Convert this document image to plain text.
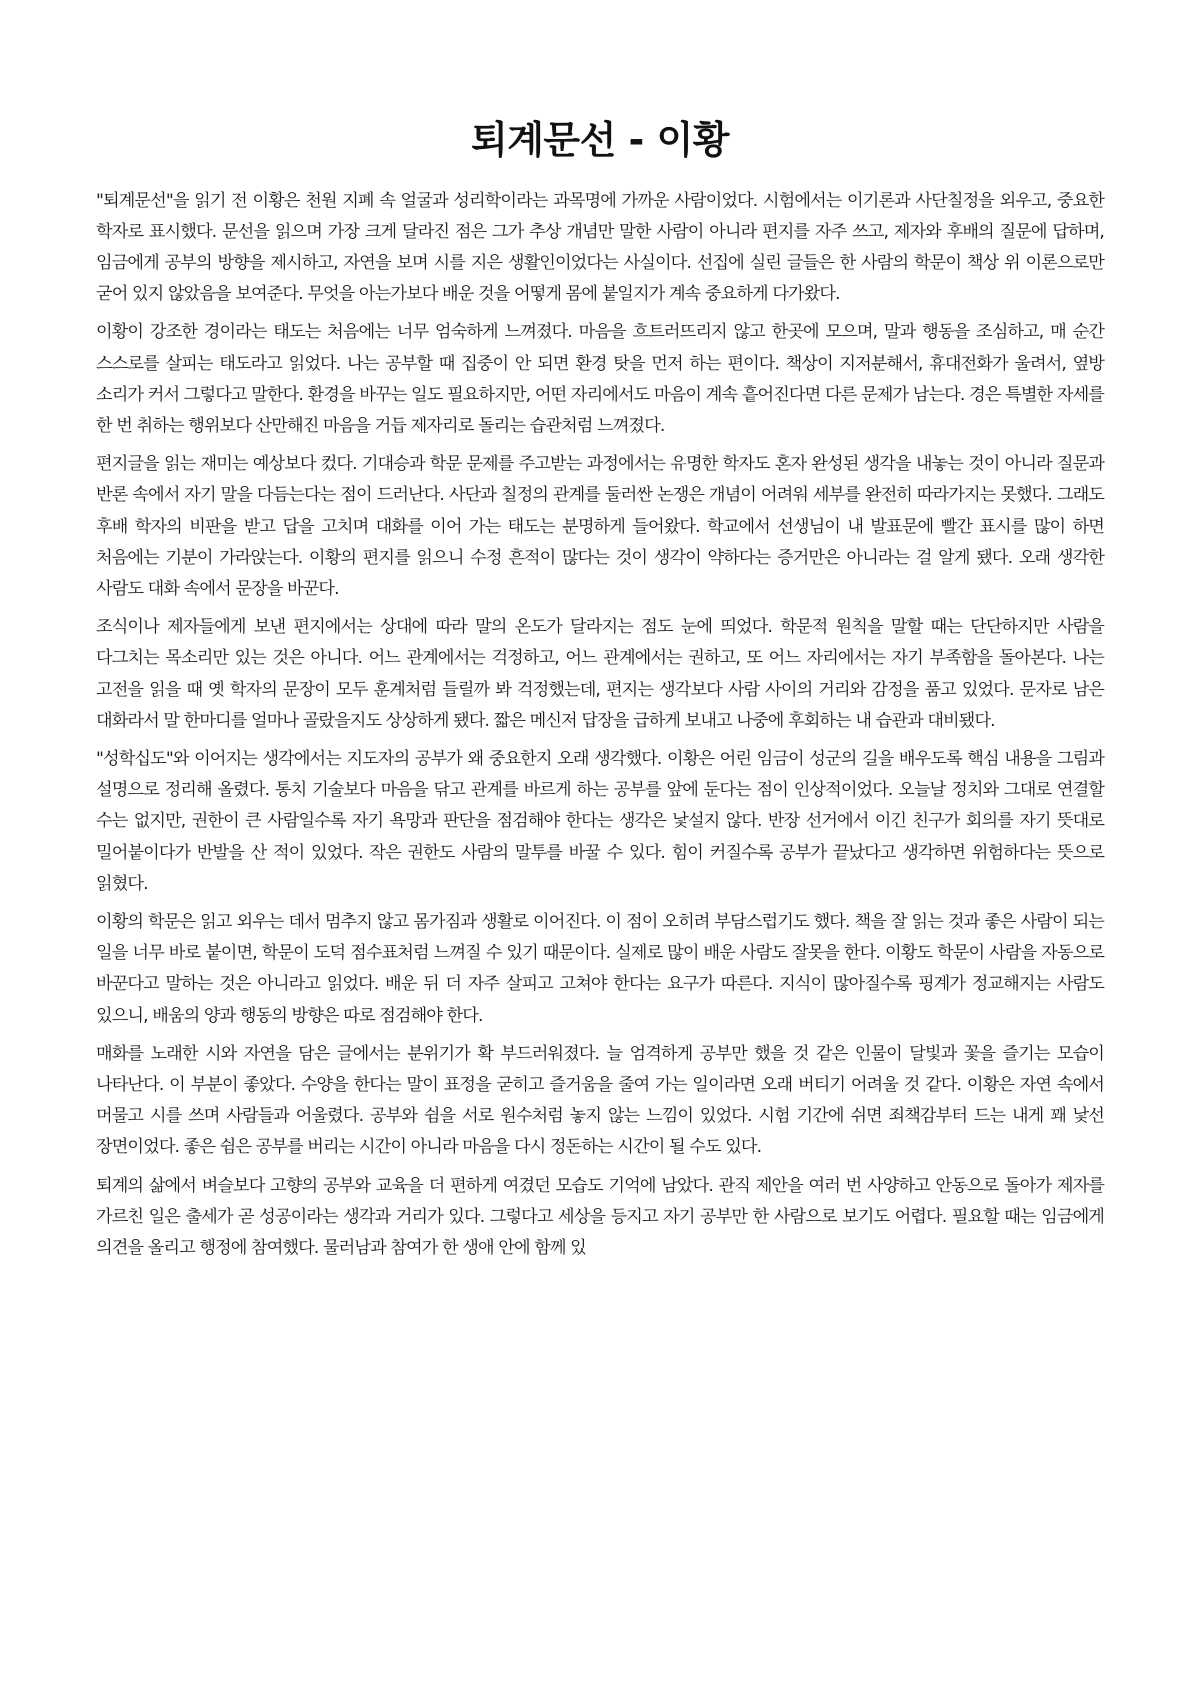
퇴계문선 - 이황

"퇴계문선"을 읽기 전 이황은 천원 지폐 속 얼굴과 성리학이라는 과목명에 가까운 사람이었다. 시험에서는 이기론과 사단칠정을 외우고, 중요한 학자로 표시했다. 문선을 읽으며 가장 크게 달라진 점은 그가 추상 개념만 말한 사람이 아니라 편지를 자주 쓰고, 제자와 후배의 질문에 답하며, 임금에게 공부의 방향을 제시하고, 자연을 보며 시를 지은 생활인이었다는 사실이다. 선집에 실린 글들은 한 사람의 학문이 책상 위 이론으로만 굳어 있지 않았음을 보여준다. 무엇을 아는가보다 배운 것을 어떻게 몸에 붙일지가 계속 중요하게 다가왔다.

이황이 강조한 경이라는 태도는 처음에는 너무 엄숙하게 느껴졌다. 마음을 흐트러뜨리지 않고 한곳에 모으며, 말과 행동을 조심하고, 매 순간 스스로를 살피는 태도라고 읽었다. 나는 공부할 때 집중이 안 되면 환경 탓을 먼저 하는 편이다. 책상이 지저분해서, 휴대전화가 울려서, 옆방 소리가 커서 그렇다고 말한다. 환경을 바꾸는 일도 필요하지만, 어떤 자리에서도 마음이 계속 흩어진다면 다른 문제가 남는다. 경은 특별한 자세를 한 번 취하는 행위보다 산만해진 마음을 거듭 제자리로 돌리는 습관처럼 느껴졌다.

편지글을 읽는 재미는 예상보다 컸다. 기대승과 학문 문제를 주고받는 과정에서는 유명한 학자도 혼자 완성된 생각을 내놓는 것이 아니라 질문과 반론 속에서 자기 말을 다듬는다는 점이 드러난다. 사단과 칠정의 관계를 둘러싼 논쟁은 개념이 어려워 세부를 완전히 따라가지는 못했다. 그래도 후배 학자의 비판을 받고 답을 고치며 대화를 이어 가는 태도는 분명하게 들어왔다. 학교에서 선생님이 내 발표문에 빨간 표시를 많이 하면 처음에는 기분이 가라앉는다. 이황의 편지를 읽으니 수정 흔적이 많다는 것이 생각이 약하다는 증거만은 아니라는 걸 알게 됐다. 오래 생각한 사람도 대화 속에서 문장을 바꾼다.

조식이나 제자들에게 보낸 편지에서는 상대에 따라 말의 온도가 달라지는 점도 눈에 띄었다. 학문적 원칙을 말할 때는 단단하지만 사람을 다그치는 목소리만 있는 것은 아니다. 어느 관계에서는 걱정하고, 어느 관계에서는 권하고, 또 어느 자리에서는 자기 부족함을 돌아본다. 나는 고전을 읽을 때 옛 학자의 문장이 모두 훈계처럼 들릴까 봐 걱정했는데, 편지는 생각보다 사람 사이의 거리와 감정을 품고 있었다. 문자로 남은 대화라서 말 한마디를 얼마나 골랐을지도 상상하게 됐다. 짧은 메신저 답장을 급하게 보내고 나중에 후회하는 내 습관과 대비됐다.

"성학십도"와 이어지는 생각에서는 지도자의 공부가 왜 중요한지 오래 생각했다. 이황은 어린 임금이 성군의 길을 배우도록 핵심 내용을 그림과 설명으로 정리해 올렸다. 통치 기술보다 마음을 닦고 관계를 바르게 하는 공부를 앞에 둔다는 점이 인상적이었다. 오늘날 정치와 그대로 연결할 수는 없지만, 권한이 큰 사람일수록 자기 욕망과 판단을 점검해야 한다는 생각은 낯설지 않다. 반장 선거에서 이긴 친구가 회의를 자기 뜻대로 밀어붙이다가 반발을 산 적이 있었다. 작은 권한도 사람의 말투를 바꿀 수 있다. 힘이 커질수록 공부가 끝났다고 생각하면 위험하다는 뜻으로 읽혔다.

이황의 학문은 읽고 외우는 데서 멈추지 않고 몸가짐과 생활로 이어진다. 이 점이 오히려 부담스럽기도 했다. 책을 잘 읽는 것과 좋은 사람이 되는 일을 너무 바로 붙이면, 학문이 도덕 점수표처럼 느껴질 수 있기 때문이다. 실제로 많이 배운 사람도 잘못을 한다. 이황도 학문이 사람을 자동으로 바꾼다고 말하는 것은 아니라고 읽었다. 배운 뒤 더 자주 살피고 고쳐야 한다는 요구가 따른다. 지식이 많아질수록 핑계가 정교해지는 사람도 있으니, 배움의 양과 행동의 방향은 따로 점검해야 한다.

매화를 노래한 시와 자연을 담은 글에서는 분위기가 확 부드러워졌다. 늘 엄격하게 공부만 했을 것 같은 인물이 달빛과 꽃을 즐기는 모습이 나타난다. 이 부분이 좋았다. 수양을 한다는 말이 표정을 굳히고 즐거움을 줄여 가는 일이라면 오래 버티기 어려울 것 같다. 이황은 자연 속에서 머물고 시를 쓰며 사람들과 어울렸다. 공부와 쉼을 서로 원수처럼 놓지 않는 느낌이 있었다. 시험 기간에 쉬면 죄책감부터 드는 내게 꽤 낯선 장면이었다. 좋은 쉼은 공부를 버리는 시간이 아니라 마음을 다시 정돈하는 시간이 될 수도 있다.

퇴계의 삶에서 벼슬보다 고향의 공부와 교육을 더 편하게 여겼던 모습도 기억에 남았다. 관직 제안을 여러 번 사양하고 안동으로 돌아가 제자를 가르친 일은 출세가 곧 성공이라는 생각과 거리가 있다. 그렇다고 세상을 등지고 자기 공부만 한 사람으로 보기도 어렵다. 필요할 때는 임금에게 의견을 올리고 행정에 참여했다. 물러남과 참여가 한 생애 안에 함께 있
